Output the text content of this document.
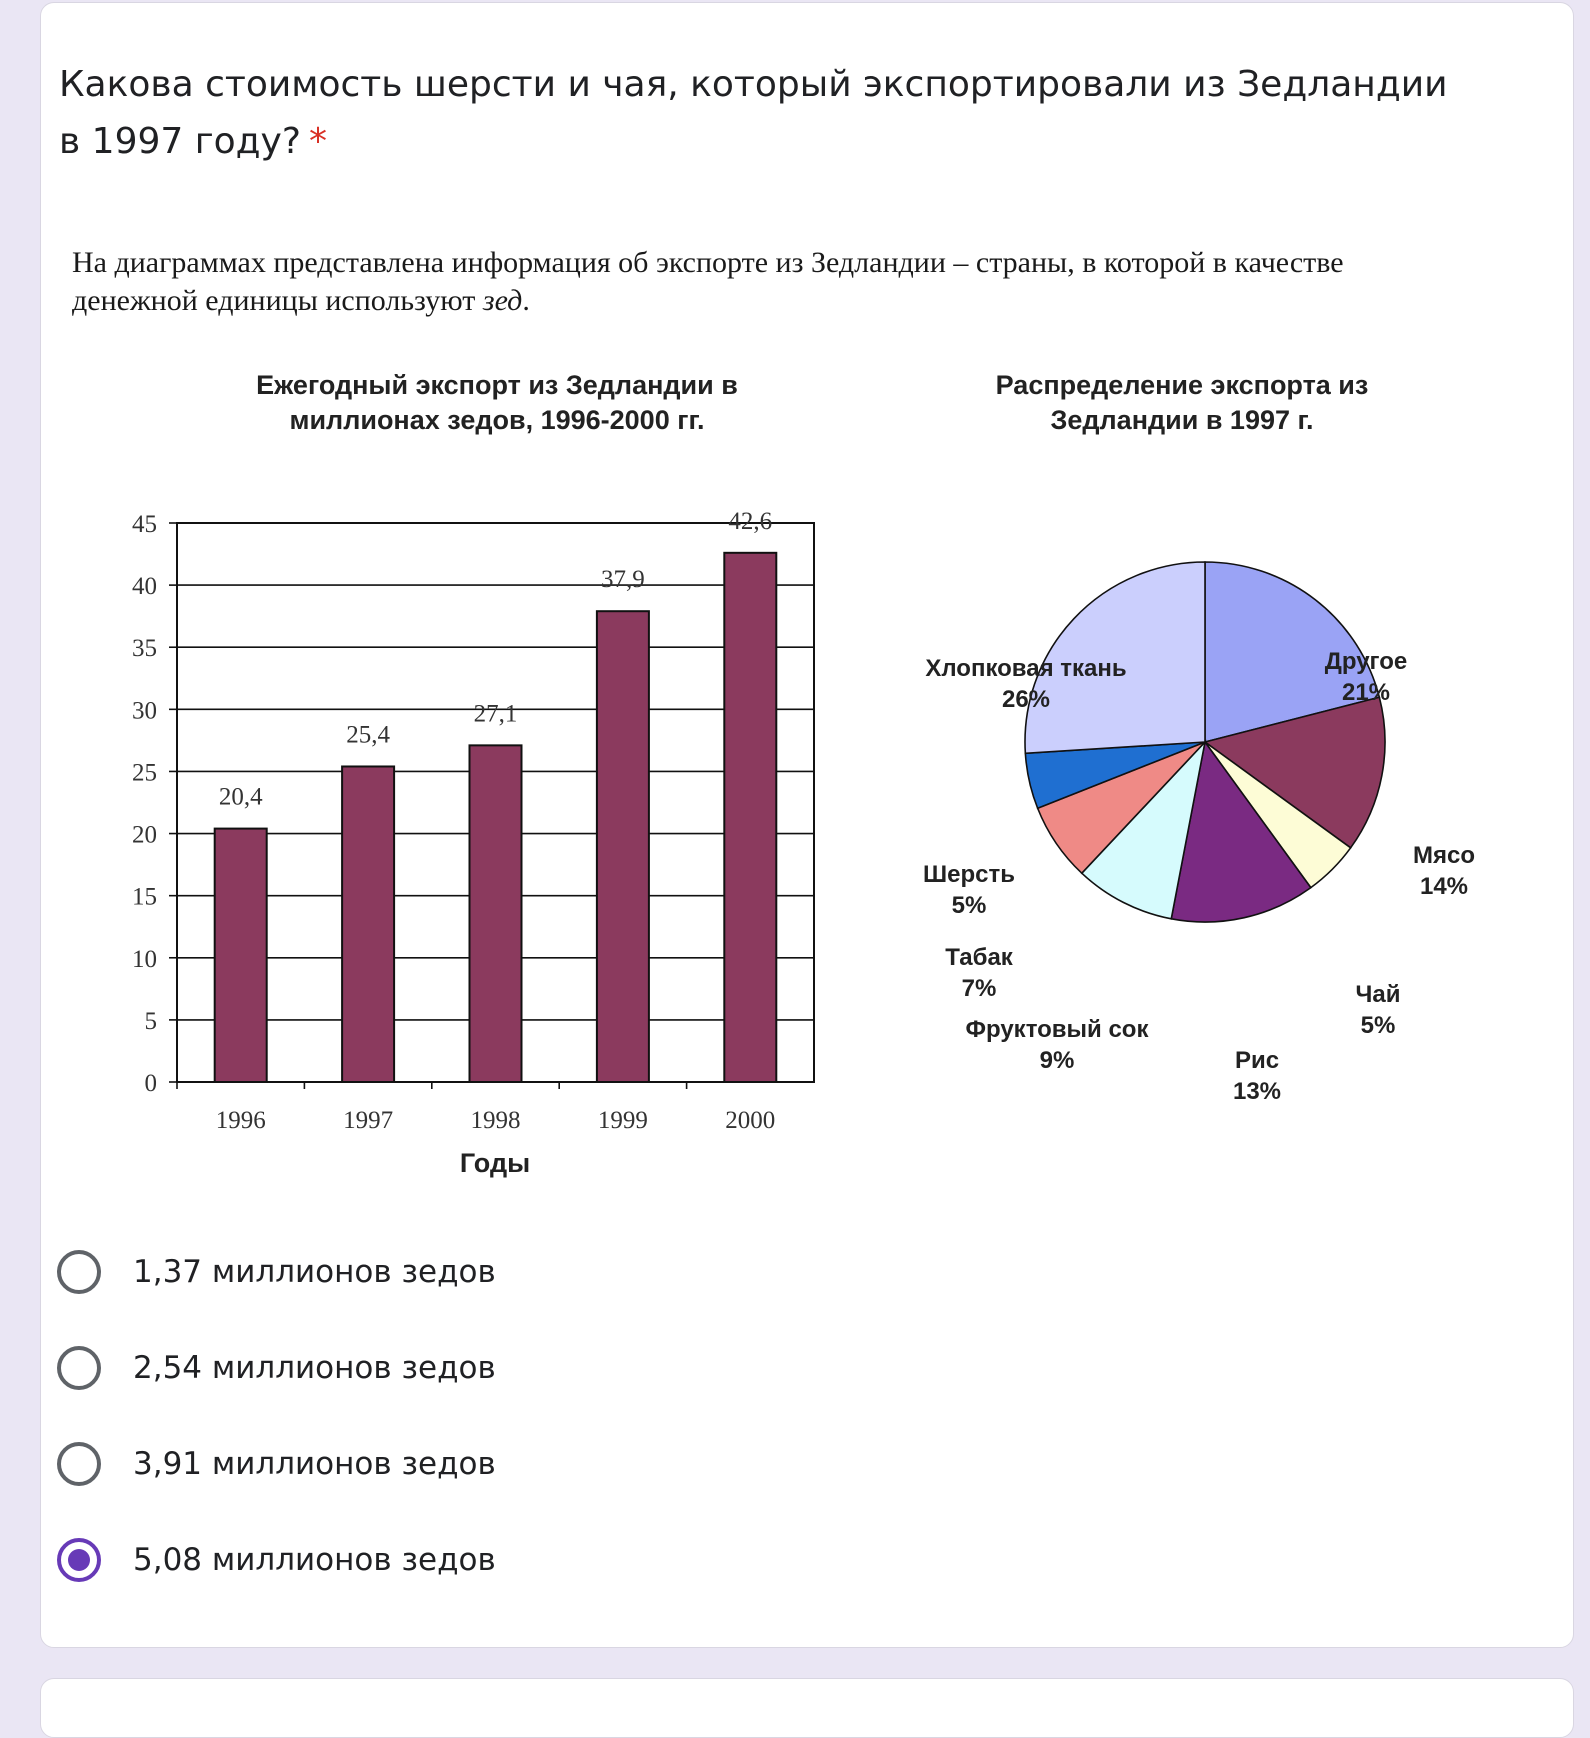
Какова стоимость шерсти и чая, который экспортировали из Зедландии в 1997 году? *
На диаграммах представлена информация об экспорте из Зедландии – страны, в которой в качестве денежной единицы используют зед.
Ежегодный экспорт из Зедландии в
миллионах зедов, 1996-2000 гг.
0
5
10
15
20
25
30
35
40
45
20,4
25,4
27,1
37,9
42,6
1996	1997	1998	1999	2000
Годы
Распределение экспорта из
Зедландии в 1997 г.
Другое
21%
Мясо
14%
Чай
5%
Рис
13%
Фруктовый сок
9%
Табак
7%
Шерсть
5%
Хлопковая ткань
26%
1,37 миллионов зедов
2,54 миллионов зедов
3,91 миллионов зедов
5,08 миллионов зедов
